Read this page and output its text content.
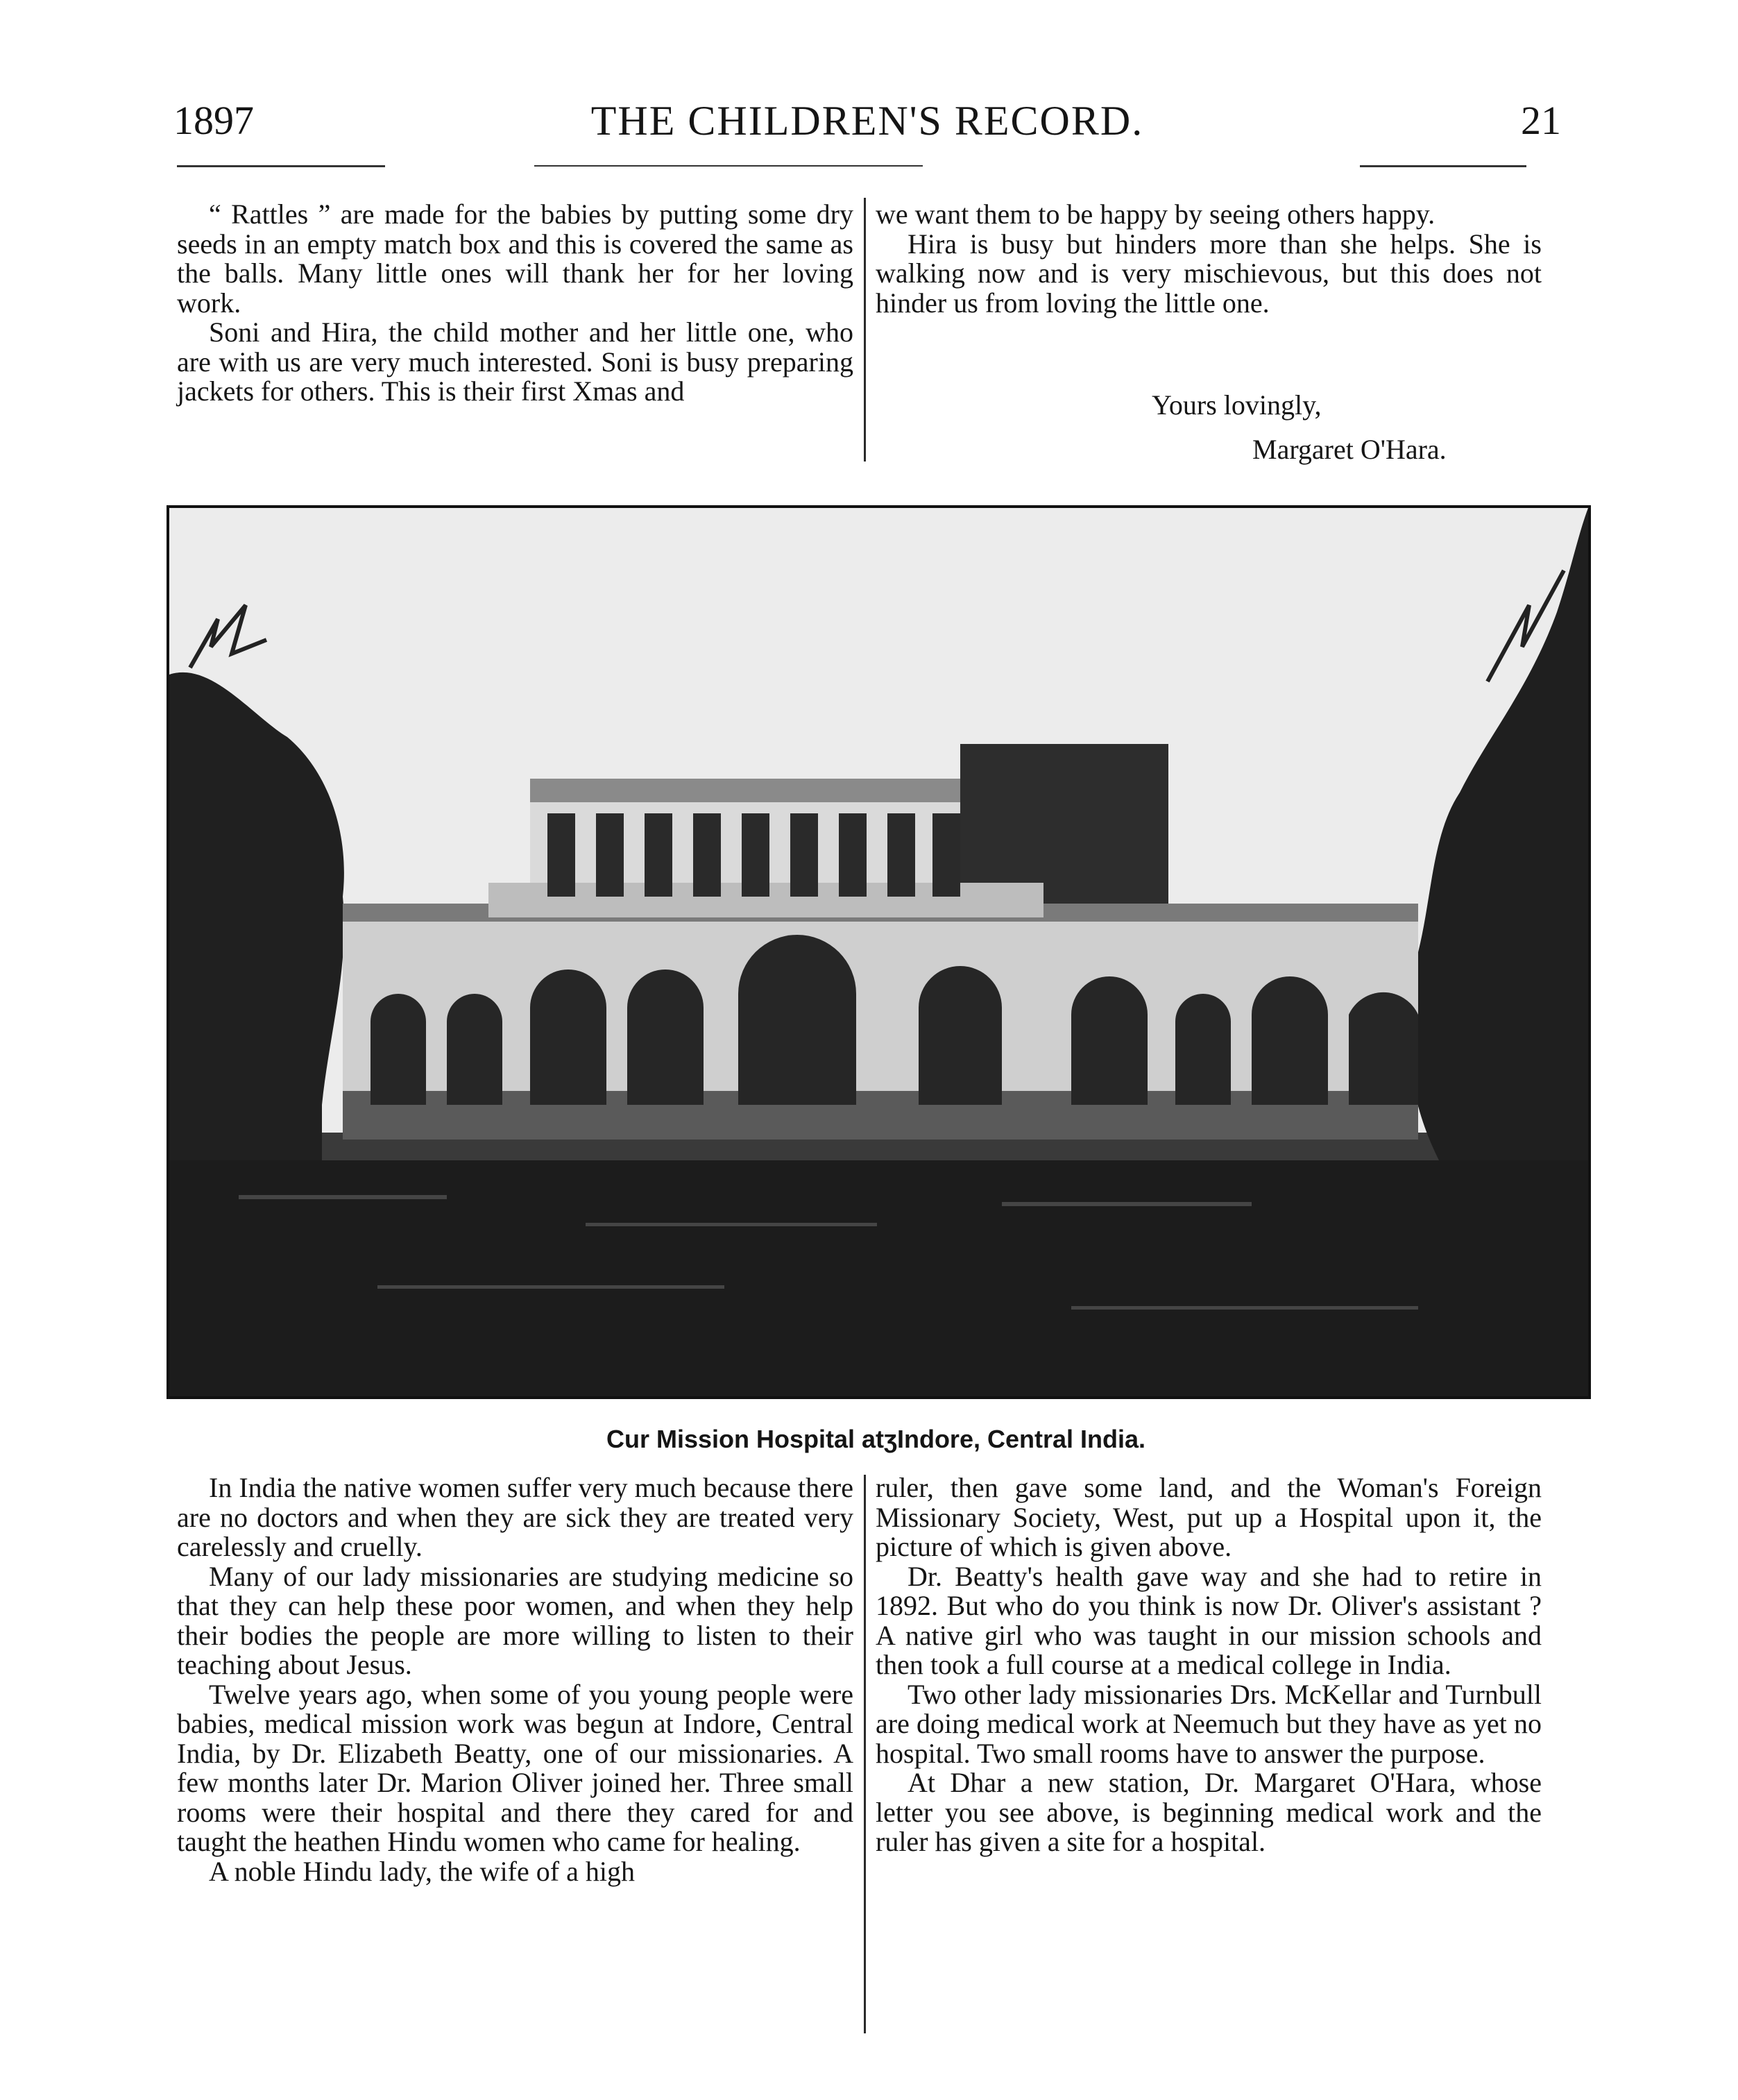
1897	THE CHILDREN'S RECORD.	21

“ Rattles ” are made for the babies by putting some dry seeds in an empty match box and this is covered the same as the balls. Many little ones will thank her for her loving work.

Soni and Hira, the child mother and her little one, who are with us are very much interested. Soni is busy preparing jackets for others. This is their first Xmas and

we want them to be happy by seeing others happy.

Hira is busy but hinders more than she helps. She is walking now and is very mischievous, but this does not hinder us from loving the little one.

Yours lovingly,
Margaret O'Hara.
Cur Mission Hospital atʒIndore, Central India.

In India the native women suffer very much because there are no doctors and when they are sick they are treated very carelessly and cruelly.

Many of our lady missionaries are studying medicine so that they can help these poor women, and when they help their bodies the people are more willing to listen to their teaching about Jesus.

Twelve years ago, when some of you young people were babies, medical mission work was begun at Indore, Central India, by Dr. Elizabeth Beatty, one of our missionaries. A few months later Dr. Marion Oliver joined her. Three small rooms were their hospital and there they cared for and taught the heathen Hindu women who came for healing.

A noble Hindu lady, the wife of a high

ruler, then gave some land, and the Woman's Foreign Missionary Society, West, put up a Hospital upon it, the picture of which is given above.

Dr. Beatty's health gave way and she had to retire in 1892. But who do you think is now Dr. Oliver's assistant ? A native girl who was taught in our mission schools and then took a full course at a medical college in India.

Two other lady missionaries Drs. McKellar and Turnbull are doing medical work at Neemuch but they have as yet no hospital. Two small rooms have to answer the purpose.

At Dhar a new station, Dr. Margaret O'Hara, whose letter you see above, is beginning medical work and the ruler has given a site for a hospital.
